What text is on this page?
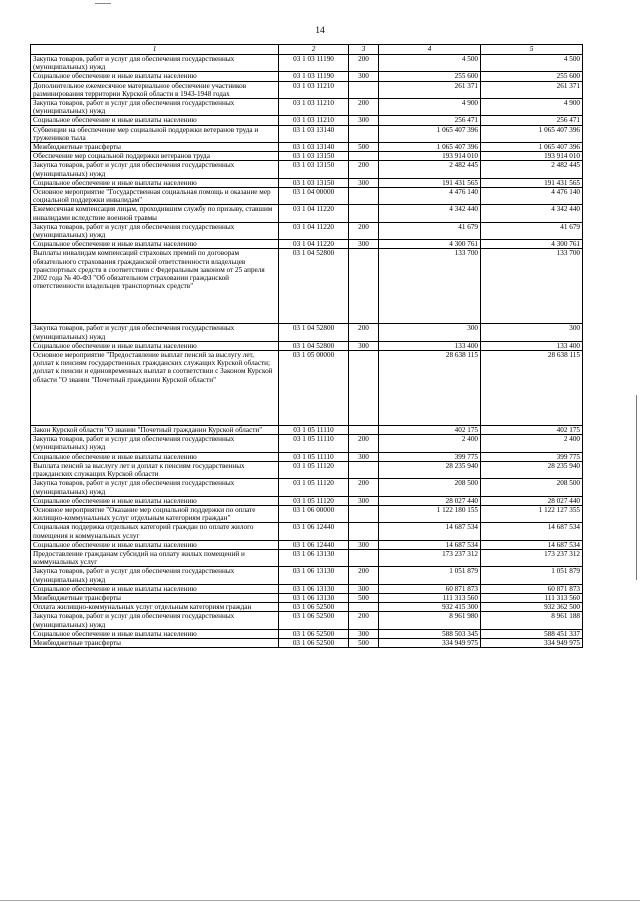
14
1	2	3	4	5
Закупка товаров, работ и услуг для обеспечения государственных (муниципальных) нужд	03 1 03 11190	200	4 500	4 500
Социальное обеспечение и иные выплаты населению	03 1 03 11190	300	255 600	255 600
Дополнительное ежемесячное материальное обеспечение участников разминирования территории Курской области в 1943-1948 годах	03 1 03 11210		261 371	261 371
Закупка товаров, работ и услуг для обеспечения государственных (муниципальных) нужд	03 1 03 11210	200	4 900	4 900
Социальное обеспечение и иные выплаты населению	03 1 03 11210	300	256 471	256 471
Субвенции на обеспечение мер социальной поддержки ветеранов труда и тружеников тыла	03 1 03 13140		1 065 407 396	1 065 407 396
Межбюджетные трансферты	03 1 03 13140	500	1 065 407 396	1 065 407 396
Обеспечение мер социальной поддержки ветеранов труда	03 1 03 13150		193 914 010	193 914 010
Закупка товаров, работ и услуг для обеспечения государственных (муниципальных) нужд	03 1 03 13150	200	2 482 445	2 482 445
Социальное обеспечение и иные выплаты населению	03 1 03 13150	300	191 431 565	191 431 565
Основное мероприятие "Государственная социальная помощь и оказание мер социальной поддержки инвалидам"	03 1 04 00000		4 476 140	4 476 140
Ежемесячная компенсация лицам, проходившим службу по призыву, ставшим инвалидами вследствие военной травмы	03 1 04 11220		4 342 440	4 342 440
Закупка товаров, работ и услуг для обеспечения государственных (муниципальных) нужд	03 1 04 11220	200	41 679	41 679
Социальное обеспечение и иные выплаты населению	03 1 04 11220	300	4 300 761	4 300 761
Выплаты инвалидам компенсаций страховых премий по договорам обязательного страхования гражданской ответственности владельцев транспортных средств в соответствии с Федеральным законом от 25 апреля 2002 года № 40-ФЗ "Об обязательном страховании гражданской ответственности владельцев транспортных средств"	03 1 04 52800		133 700	133 700
Закупка товаров, работ и услуг для обеспечения государственных (муниципальных) нужд	03 1 04 52800	200	300	300
Социальное обеспечение и иные выплаты населению	03 1 04 52800	300	133 400	133 400
Основное мероприятие "Предоставление выплат пенсий за выслугу лет, доплат к пенсиям государственных гражданских служащих Курской области; доплат к пенсии и единовременных выплат в соответствии с Законом Курской области "О звании "Почетный гражданин Курской области"	03 1 05 00000		28 638 115	28 638 115
Закон Курской области "О звании "Почетный гражданин Курской области"	03 1 05 11110		402 175	402 175
Закупка товаров, работ и услуг для обеспечения государственных (муниципальных) нужд	03 1 05 11110	200	2 400	2 400
Социальное обеспечение и иные выплаты населению	03 1 05 11110	300	399 775	399 775
Выплата пенсий за выслугу лет и доплат к пенсиям государственных гражданских служащих Курской области	03 1 05 11120		28 235 940	28 235 940
Закупка товаров, работ и услуг для обеспечения государственных (муниципальных) нужд	03 1 05 11120	200	208 500	208 500
Социальное обеспечение и иные выплаты населению	03 1 05 11120	300	28 027 440	28 027 440
Основное мероприятие "Оказание мер социальной поддержки по оплате жилищно-коммунальных услуг отдельным категориям граждан"	03 1 06 00000		1 122 180 155	1 122 127 355
Социальная поддержка отдельных категорий граждан по оплате жилого помещения и коммунальных услуг	03 1 06 12440		14 687 534	14 687 534
Социальное обеспечение и иные выплаты населению	03 1 06 12440	300	14 687 534	14 687 534
Предоставление гражданам субсидий на оплату жилых помещений и коммунальных услуг	03 1 06 13130		173 237 312	173 237 312
Закупка товаров, работ и услуг для обеспечения государственных (муниципальных) нужд	03 1 06 13130	200	1 051 879	1 051 879
Социальное обеспечение и иные выплаты населению	03 1 06 13130	300	60 871 873	60 871 873
Межбюджетные трансферты	03 1 06 13130	500	111 313 560	111 313 560
Оплата жилищно-коммунальных услуг отдельным категориям граждан	03 1 06 52500		932 415 300	932 362 500
Закупка товаров, работ и услуг для обеспечения государственных (муниципальных) нужд	03 1 06 52500	200	8 961 980	8 961 188
Социальное обеспечение и иные выплаты населению	03 1 06 52500	300	588 503 345	588 451 337
Межбюджетные трансферты	03 1 06 52500	500	334 949 975	334 949 975
